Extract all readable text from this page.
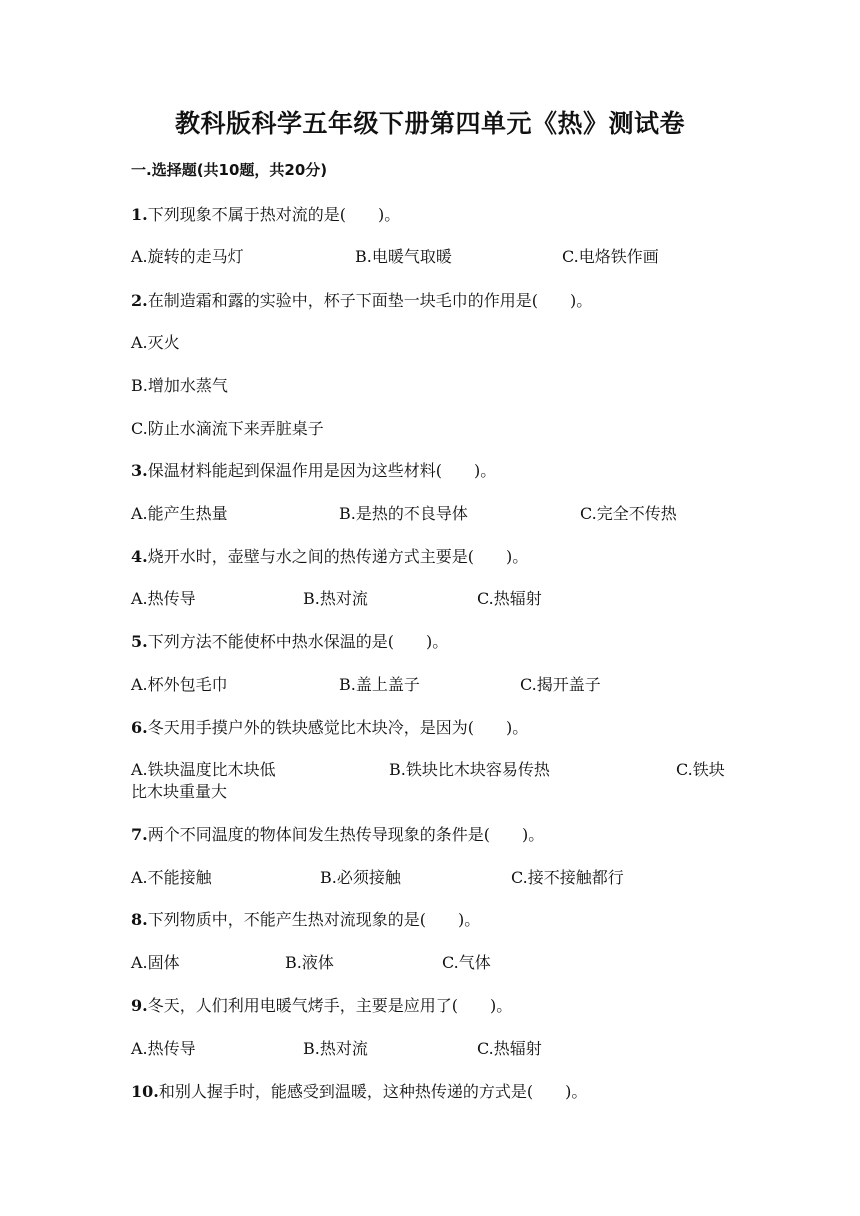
教科版科学五年级下册第四单元《热》测试卷
一.选择题(共10题，共20分)
1.下列现象不属于热对流的是(　　)。
A.旋转的走马灯	B.电暖气取暖	C.电烙铁作画
2.在制造霜和露的实验中，杯子下面垫一块毛巾的作用是(　　)。
A.灭火
B.增加水蒸气
C.防止水滴流下来弄脏桌子
3.保温材料能起到保温作用是因为这些材料(　　)。
A.能产生热量	B.是热的不良导体	C.完全不传热
4.烧开水时，壶壁与水之间的热传递方式主要是(　　)。
A.热传导	B.热对流	C.热辐射
5.下列方法不能使杯中热水保温的是(　　)。
A.杯外包毛巾	B.盖上盖子	C.揭开盖子
6.冬天用手摸户外的铁块感觉比木块冷，是因为(　　)。
A.铁块温度比木块低	B.铁块比木块容易传热	C.铁块
比木块重量大
7.两个不同温度的物体间发生热传导现象的条件是(　　)。
A.不能接触	B.必须接触	C.接不接触都行
8.下列物质中，不能产生热对流现象的是(　　)。
A.固体	B.液体	C.气体
9.冬天，人们利用电暖气烤手，主要是应用了(　　)。
A.热传导	B.热对流	C.热辐射
10.和别人握手时，能感受到温暖，这种热传递的方式是(　　)。
